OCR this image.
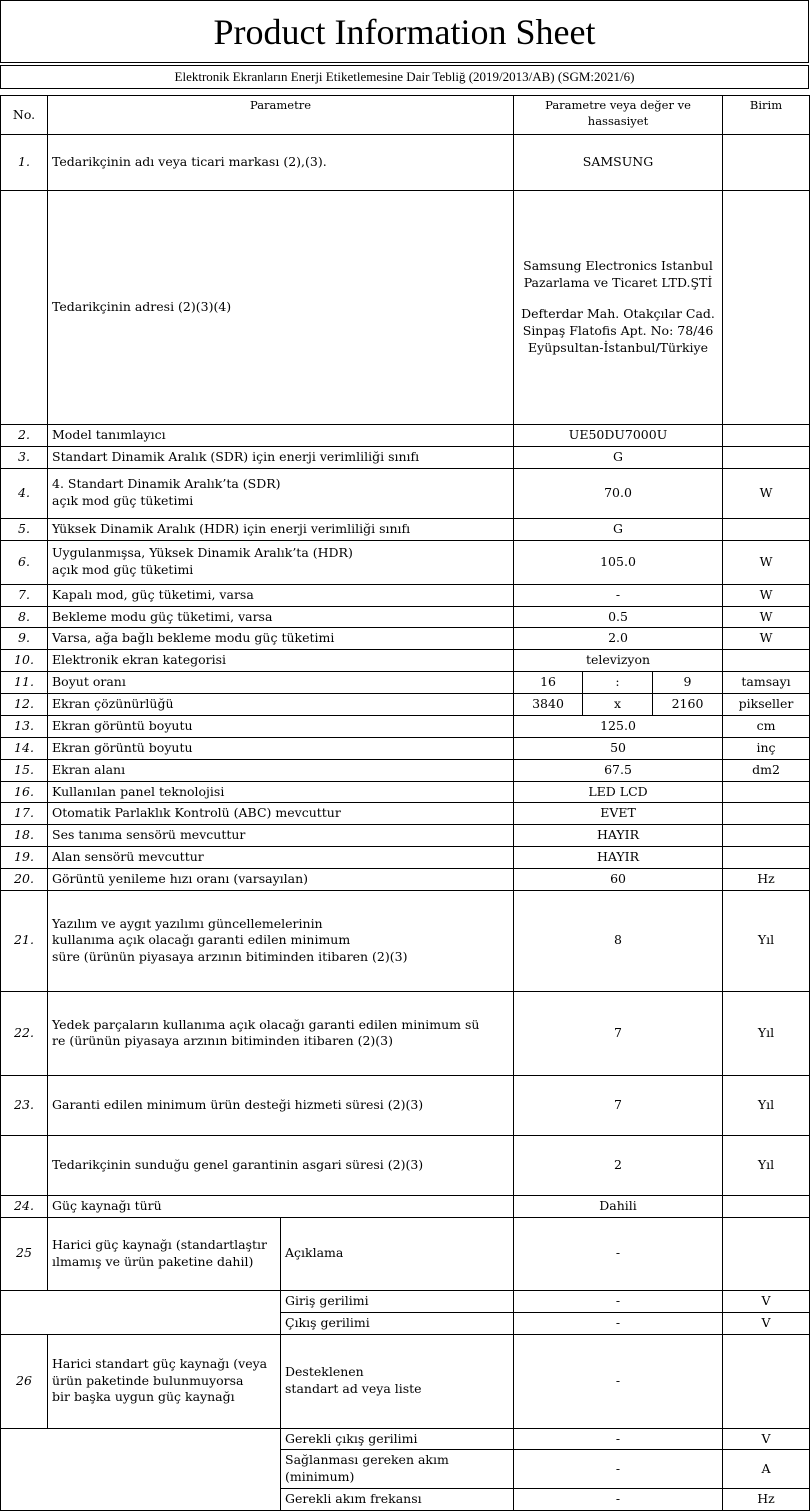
Product Information Sheet
Elektronik Ekranların Enerji Etiketlemesine Dair Tebliğ (2019/2013/AB) (SGM:2021/6)
No.	Parametre		Parametre veya değer ve hassasiyet			Birim
1.	Tedarikçinin adı veya ticari markası (2),(3).		SAMSUNG			
	Tedarikçinin adresi (2)(3)(4)		Samsung Electronics Istanbul
Pazarlama ve Ticaret LTD.ŞTİ
Defterdar Mah. Otakçılar Cad.
Sinpaş Flatofis Apt. No: 78/46
Eyüpsultan-İstanbul/Türkiye			
2.	Model tanımlayıcı		UE50DU7000U			
3.	Standart Dinamik Aralık (SDR) için enerji verimliliği sınıfı		G			
4.	4. Standart Dinamik Aralık’ta (SDR)
açık mod güç tüketimi		70.0			W
5.	Yüksek Dinamik Aralık (HDR) için enerji verimliliği sınıfı		G			
6.	Uygulanmışsa, Yüksek Dinamik Aralık’ta (HDR)
açık mod güç tüketimi		105.0			W
7.	Kapalı mod, güç tüketimi, varsa		-			W
8.	Bekleme modu güç tüketimi, varsa		0.5			W
9.	Varsa, ağa bağlı bekleme modu güç tüketimi		2.0			W
10.	Elektronik ekran kategorisi		televizyon			
11.	Boyut oranı		16	:	9	tamsayı
12.	Ekran çözünürlüğü		3840	x	2160	pikseller
13.	Ekran görüntü boyutu		125.0			cm
14.	Ekran görüntü boyutu		50			inç
15.	Ekran alanı		67.5			dm2
16.	Kullanılan panel teknolojisi		LED LCD			
17.	Otomatik Parlaklık Kontrolü (ABC) mevcuttur		EVET			
18.	Ses tanıma sensörü mevcuttur		HAYIR			
19.	Alan sensörü mevcuttur		HAYIR			
20.	Görüntü yenileme hızı oranı (varsayılan)		60			Hz
21.	Yazılım ve aygıt yazılımı güncellemelerinin
kullanıma açık olacağı garanti edilen minimum
süre (ürünün piyasaya arzının bitiminden itibaren (2)(3)		8			Yıl
22.	Yedek parçaların kullanıma açık olacağı garanti edilen minimum sü
re (ürünün piyasaya arzının bitiminden itibaren (2)(3)		7			Yıl
23.	Garanti edilen minimum ürün desteği hizmeti süresi (2)(3)		7			Yıl
	Tedarikçinin sunduğu genel garantinin asgari süresi (2)(3)		2			Yıl
24.	Güç kaynağı türü		Dahili			
25	Harici güç kaynağı (standartlaştır
ılmamış ve ürün paketine dahil)	Açıklama	-			
		Giriş gerilimi	-			V
		Çıkış gerilimi	-			V
26	Harici standart güç kaynağı (veya
ürün paketinde bulunmuyorsa
bir başka uygun güç kaynağı	Desteklenen
standart ad veya liste	-			
		Gerekli çıkış gerilimi	-			V
		Sağlanması gereken akım
(minimum)	-			A
		Gerekli akım frekansı	-			Hz
